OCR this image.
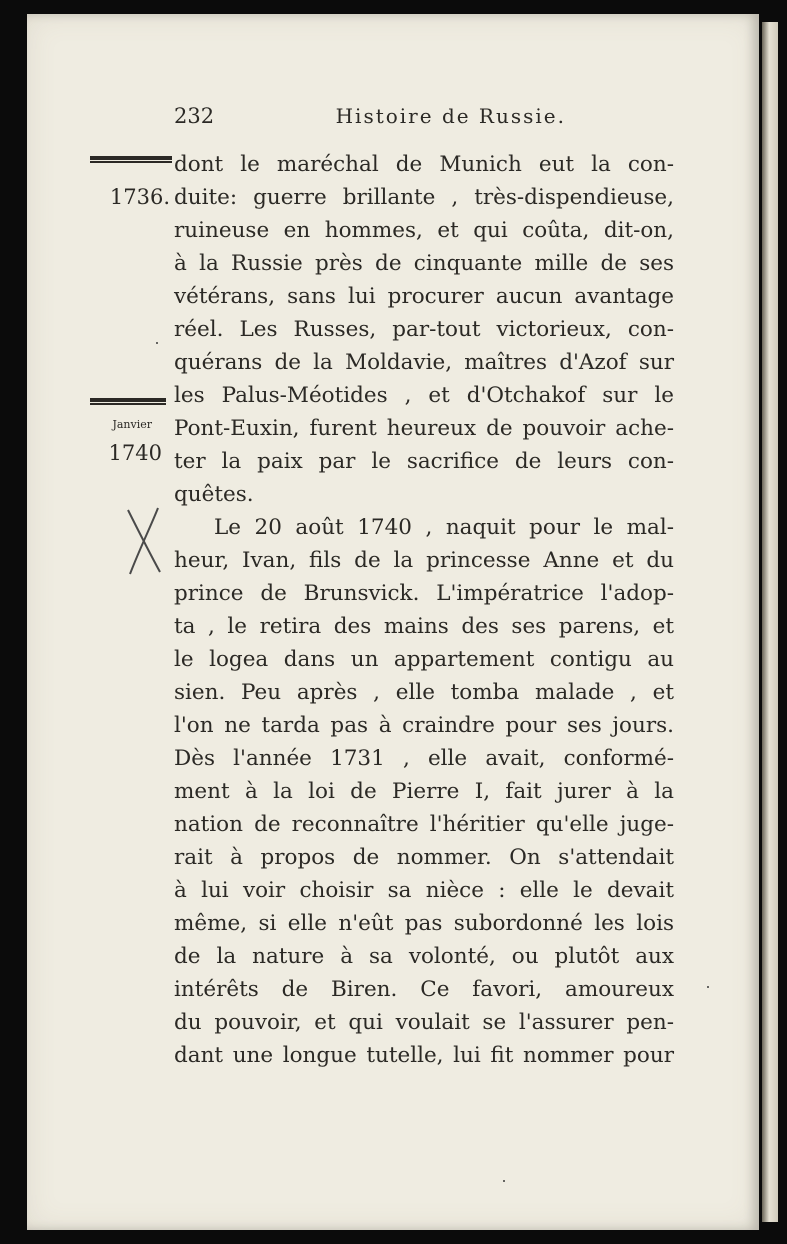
232	Histoire de Russie.
1736.
Janvier
1740
dont le maréchal de Munich eut la con-
duite: guerre brillante , très-dispendieuse,
ruineuse en hommes, et qui coûta, dit-on,
à la Russie près de cinquante mille de ses
vétérans, sans lui procurer aucun avantage
réel. Les Russes, par-tout victorieux, con-
quérans de la Moldavie, maîtres d'Azof sur
les Palus-Méotides , et d'Otchakof sur le
Pont-Euxin, furent heureux de pouvoir ache-
ter la paix par le sacrifice de leurs con-
quêtes.
Le 20 août 1740 , naquit pour le mal-
heur, Ivan, fils de la princesse Anne et du
prince de Brunsvick. L'impératrice l'adop-
ta , le retira des mains des ses parens, et
le logea dans un appartement contigu au
sien. Peu après , elle tomba malade , et
l'on ne tarda pas à craindre pour ses jours.
Dès l'année 1731 , elle avait, conformé-
ment à la loi de Pierre I, fait jurer à la
nation de reconnaître l'héritier qu'elle juge-
rait à propos de nommer. On s'attendait
à lui voir choisir sa nièce : elle le devait
même, si elle n'eût pas subordonné les lois
de la nature à sa volonté, ou plutôt aux
intérêts de Biren. Ce favori, amoureux
du pouvoir, et qui voulait se l'assurer pen-
dant une longue tutelle, lui fit nommer pour
